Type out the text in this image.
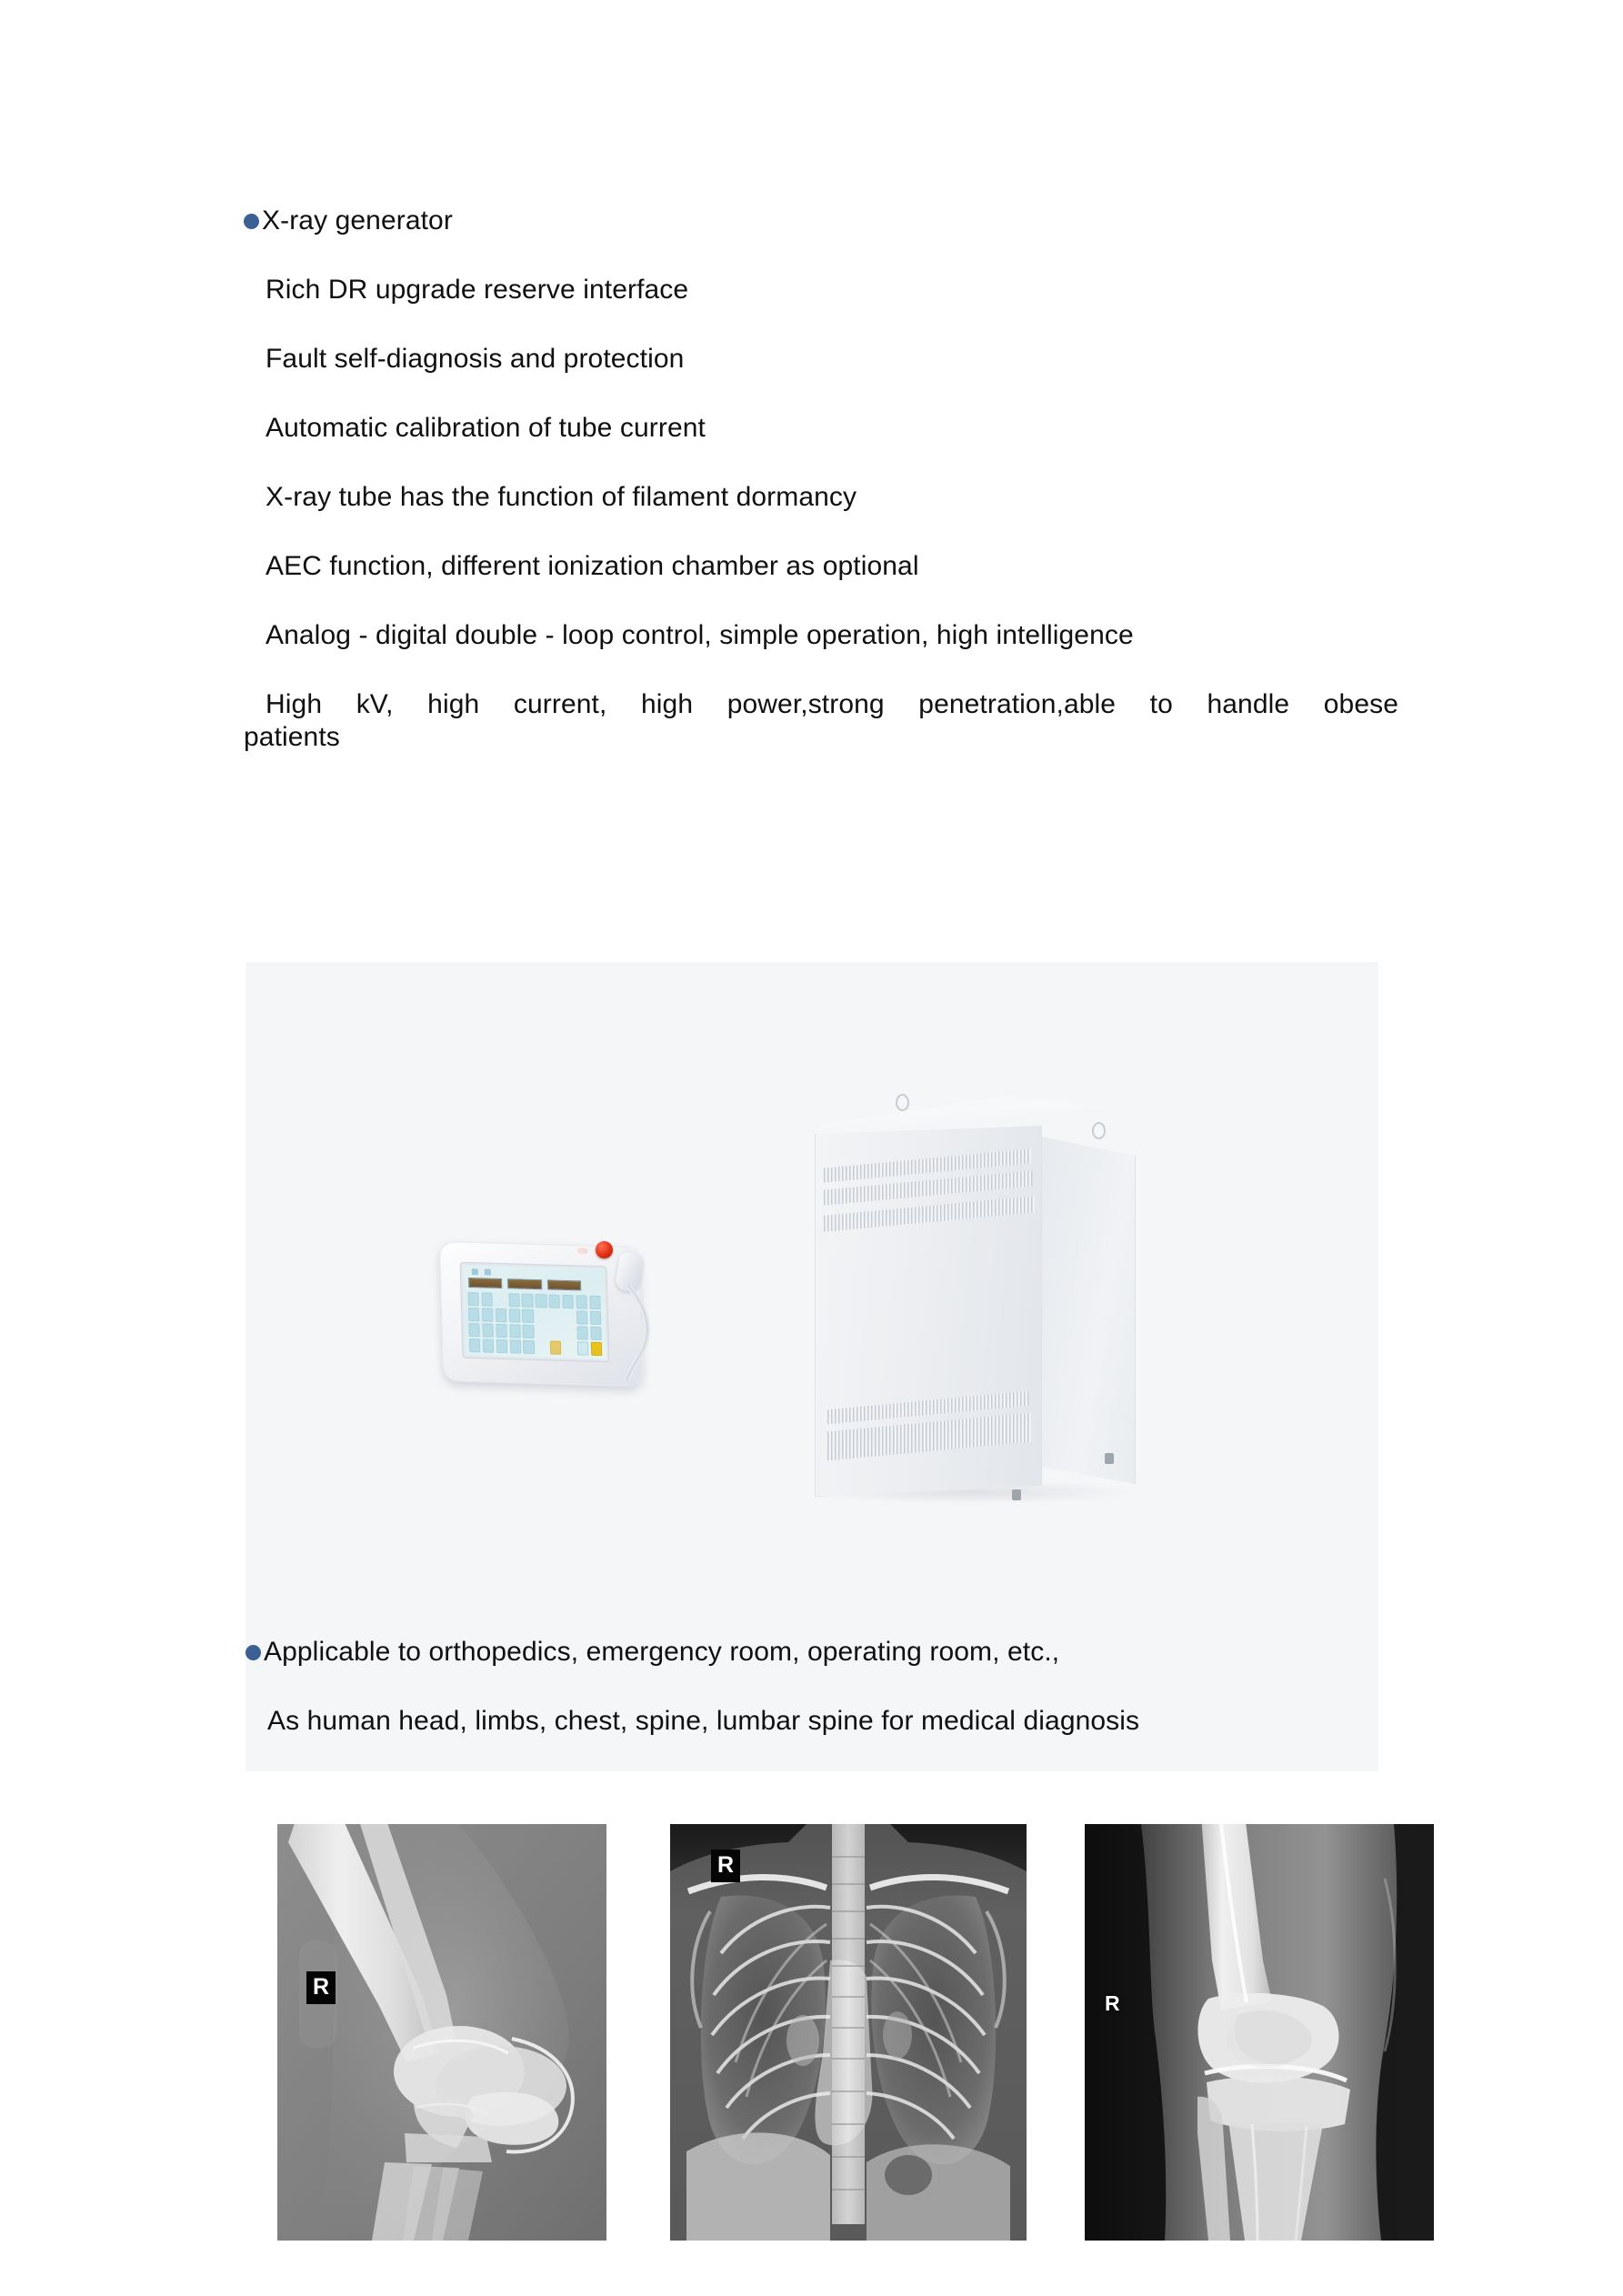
X-ray generator
Rich DR upgrade reserve interface
Fault self-diagnosis and protection
Automatic calibration of tube current
X-ray tube has the function of filament dormancy
AEC function, different ionization chamber as optional
Analog - digital double - loop control, simple operation, high intelligence
High kV, high current, high power,strong penetration,able to handle obese
patients
Applicable to orthopedics, emergency room, operating room, etc.,
As human head, limbs, chest, spine, lumbar spine for medical diagnosis
R
R
R
